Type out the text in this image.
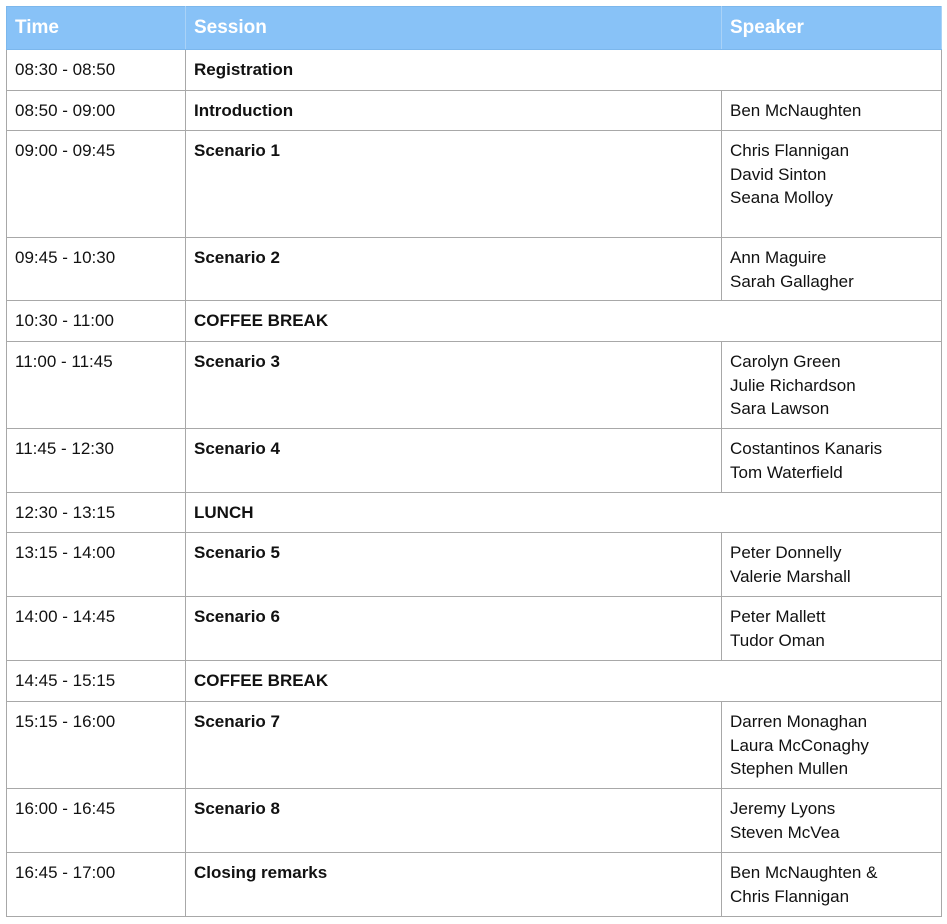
Time	Session	Speaker
08:30 - 08:50	Registration	
08:50 - 09:00	Introduction	Ben McNaughten

09:00 - 09:45	Scenario 1	Chris Flannigan
David Sinton
Seana Molloy

09:45 - 10:30	Scenario 2	Ann Maguire
Sarah Gallagher

10:30 - 11:00	COFFEE BREAK	
11:00 - 11:45	Scenario 3	Carolyn Green
Julie Richardson
Sara Lawson

11:45 - 12:30	Scenario 4	Costantinos Kanaris
Tom Waterfield

12:30 - 13:15	LUNCH	
13:15 - 14:00	Scenario 5	Peter Donnelly
Valerie Marshall

14:00 - 14:45	Scenario 6	Peter Mallett
Tudor Oman

14:45 - 15:15	COFFEE BREAK	
15:15 - 16:00	Scenario 7	Darren Monaghan
Laura McConaghy
Stephen Mullen

16:00 - 16:45	Scenario 8	Jeremy Lyons
Steven McVea

16:45 - 17:00	Closing remarks	Ben McNaughten &
Chris Flannigan
